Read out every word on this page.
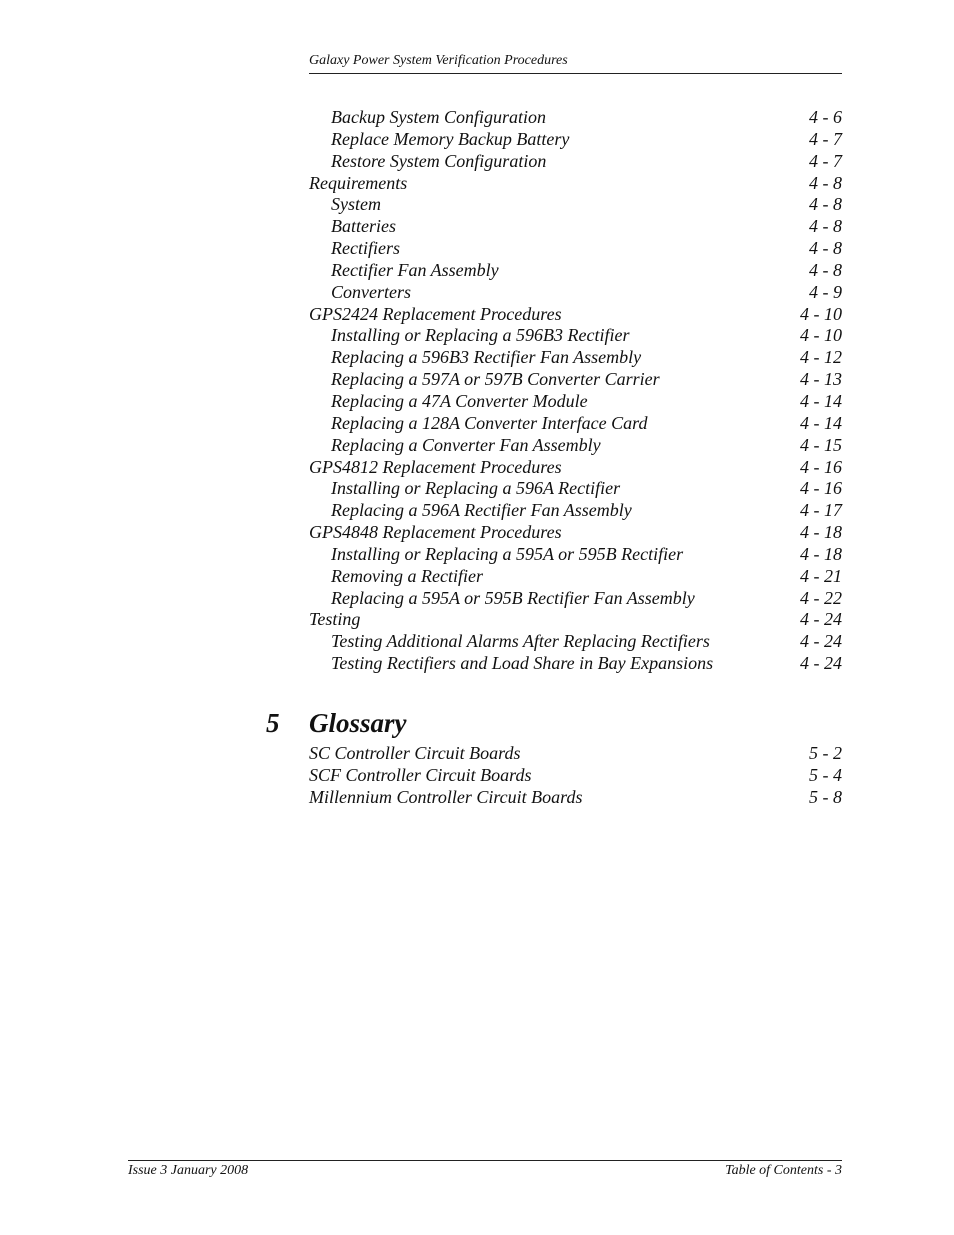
Galaxy Power System Verification Procedures
Backup System Configuration	4 - 6
Replace Memory Backup Battery	4 - 7
Restore System Configuration	4 - 7
Requirements	4 - 8
System	4 - 8
Batteries	4 - 8
Rectifiers	4 - 8
Rectifier Fan Assembly	4 - 8
Converters	4 - 9
GPS2424 Replacement Procedures	4 - 10
Installing or Replacing a 596B3 Rectifier	4 - 10
Replacing a 596B3 Rectifier Fan Assembly	4 - 12
Replacing a 597A or 597B Converter Carrier	4 - 13
Replacing a 47A Converter Module	4 - 14
Replacing a 128A Converter Interface Card	4 - 14
Replacing a Converter Fan Assembly	4 - 15
GPS4812 Replacement Procedures	4 - 16
Installing or Replacing a 596A Rectifier	4 - 16
Replacing a 596A Rectifier Fan Assembly	4 - 17
GPS4848 Replacement Procedures	4 - 18
Installing or Replacing a 595A or 595B Rectifier	4 - 18
Removing a Rectifier	4 - 21
Replacing a 595A or 595B Rectifier Fan Assembly	4 - 22
Testing	4 - 24
Testing Additional Alarms After Replacing Rectifiers	4 - 24
Testing Rectifiers and Load Share in Bay Expansions	4 - 24
5 Glossary
SC Controller Circuit Boards	5 - 2
SCF Controller Circuit Boards	5 - 4
Millennium Controller Circuit Boards	5 - 8
Issue 3 January 2008	Table of Contents - 3
